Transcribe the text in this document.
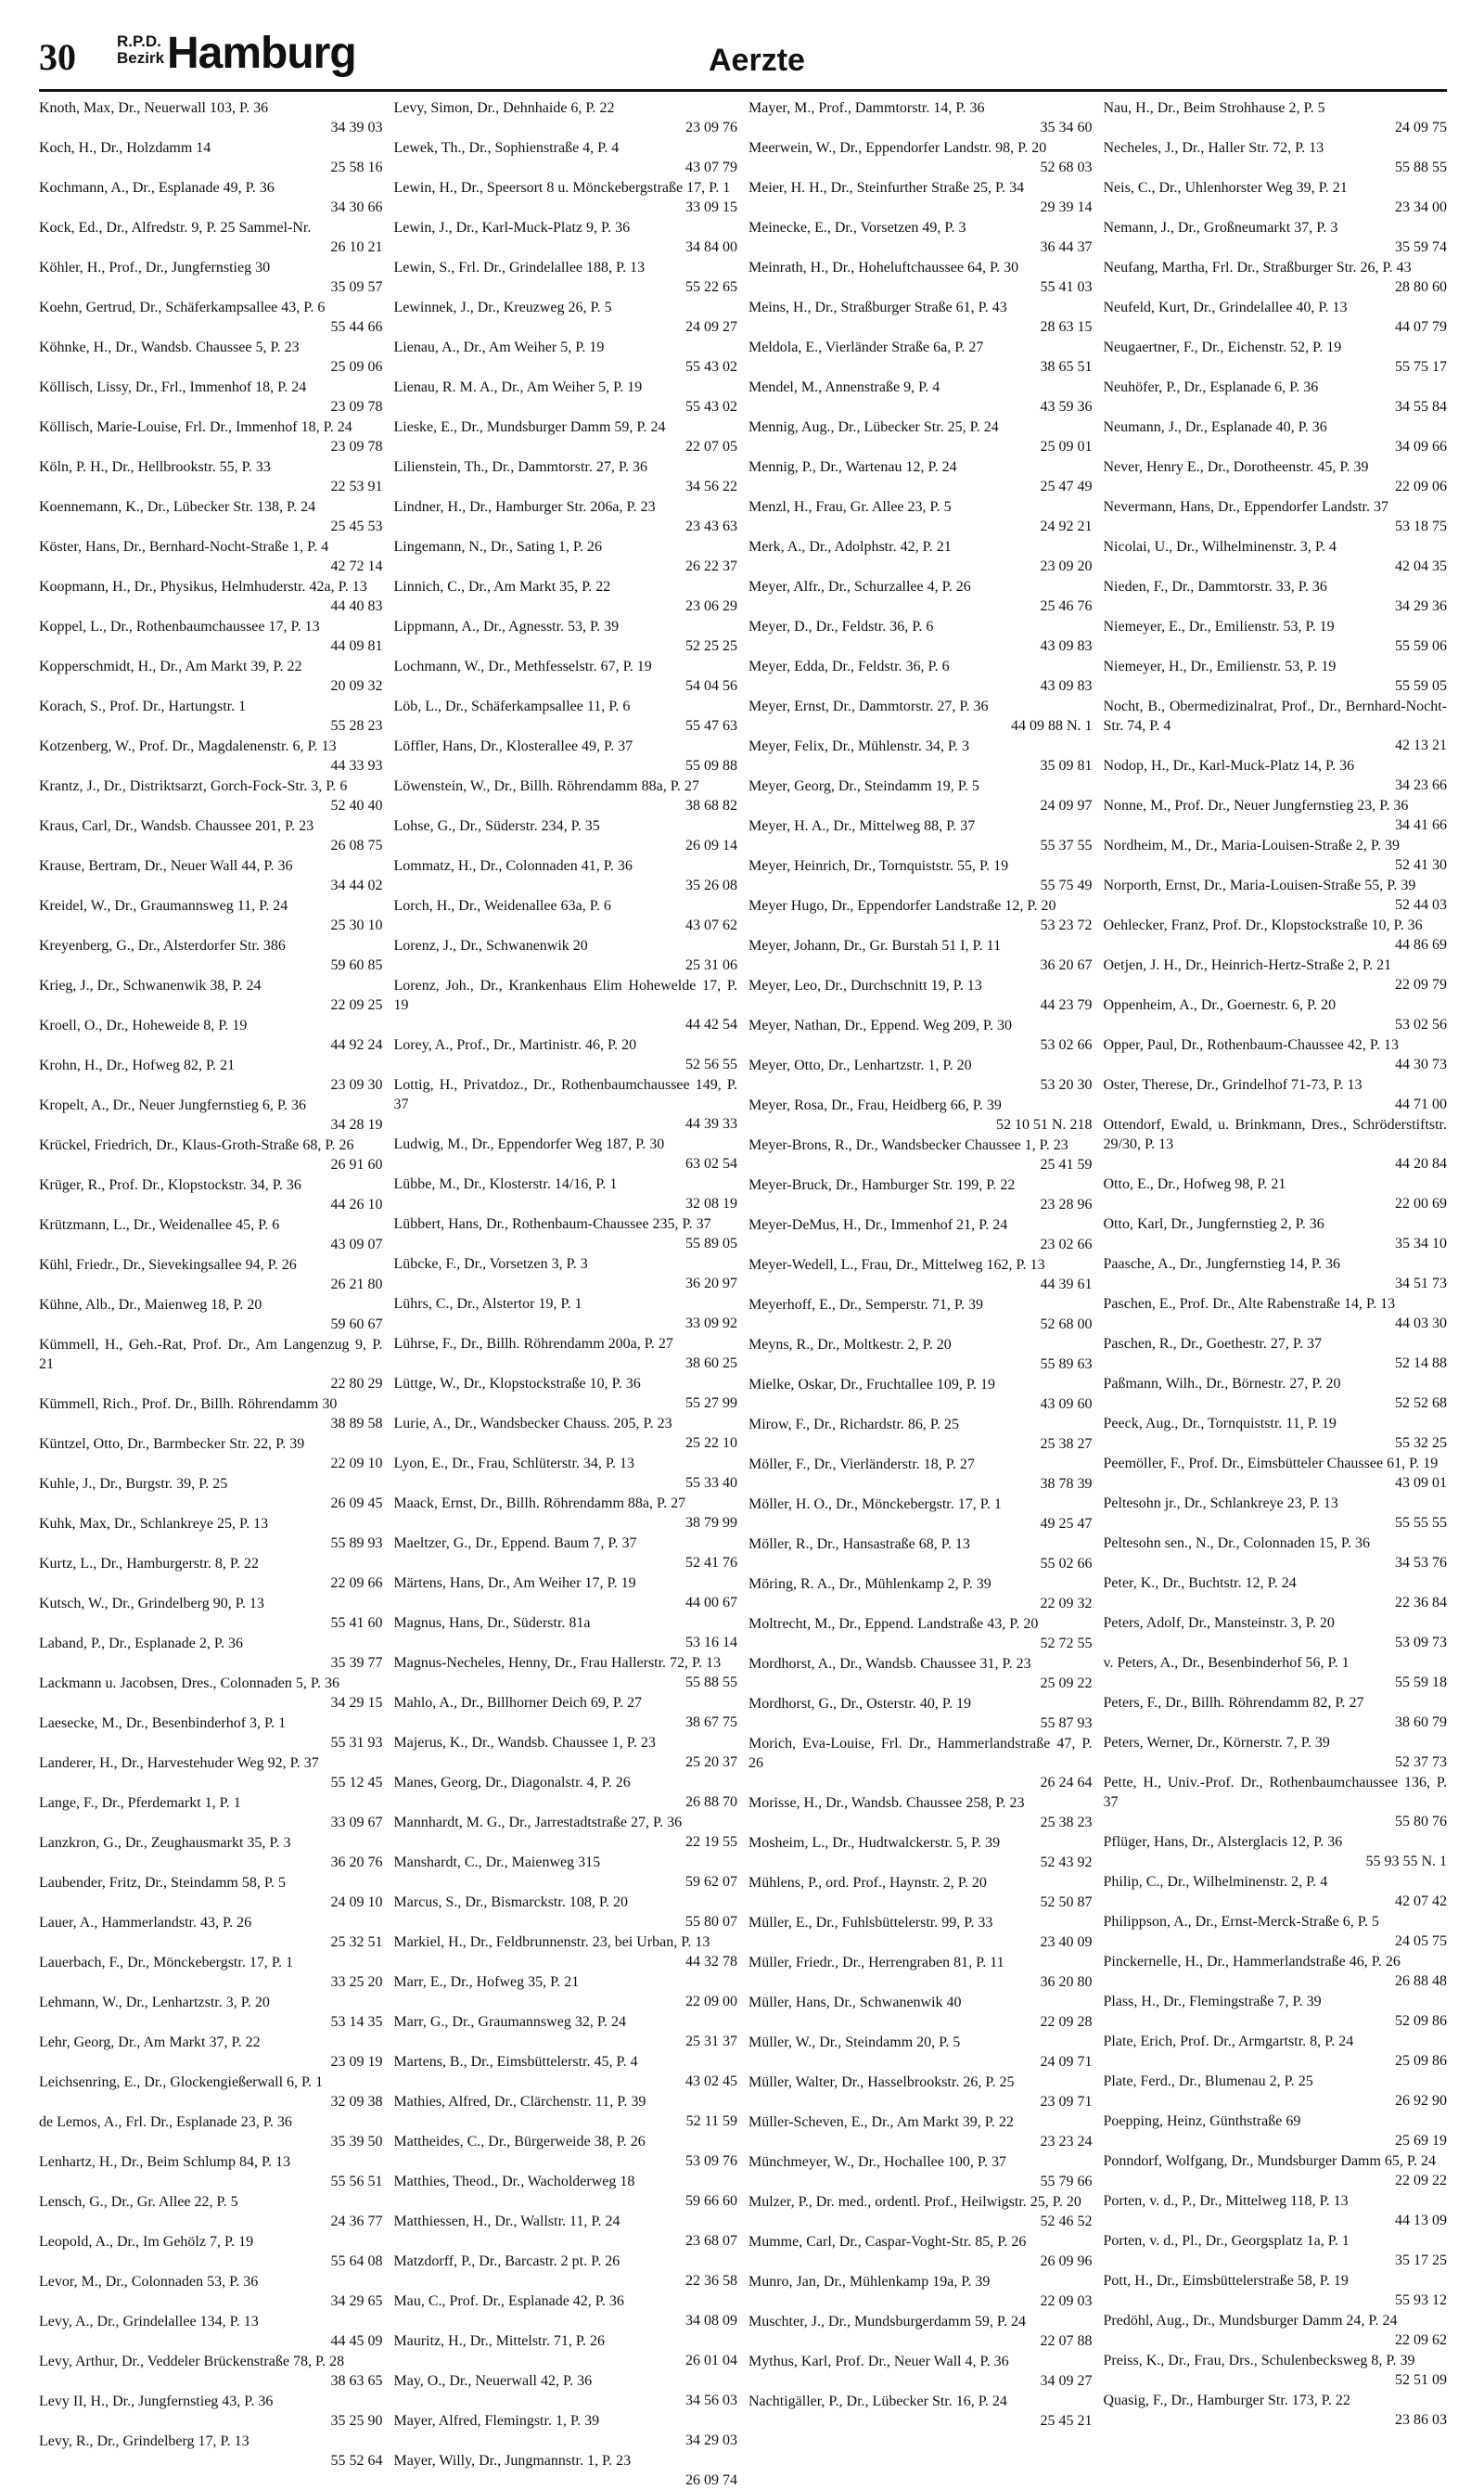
30	R.P.D.
Bezirk Hamburg	Aerzte
Knoth, Max, Dr., Neuerwall 103, P. 36
34 39 03
Koch, H., Dr., Holzdamm 14
25 58 16
Kochmann, A., Dr., Esplanade 49, P. 36
34 30 66
Kock, Ed., Dr., Alfredstr. 9, P. 25 Sammel-Nr.
26 10 21
Köhler, H., Prof., Dr., Jungfernstieg 30
35 09 57
Koehn, Gertrud, Dr., Schäferkampsallee 43, P. 6
55 44 66
Köhnke, H., Dr., Wandsb. Chaussee 5, P. 23
25 09 06
Köllisch, Lissy, Dr., Frl., Immenhof 18, P. 24
23 09 78
Köllisch, Marie-Louise, Frl. Dr., Immenhof 18, P. 24
23 09 78
Köln, P. H., Dr., Hellbrookstr. 55, P. 33
22 53 91
Koennemann, K., Dr., Lübecker Str. 138, P. 24
25 45 53
Köster, Hans, Dr., Bernhard-Nocht-Straße 1, P. 4
42 72 14
Koopmann, H., Dr., Physikus, Helmhuderstr. 42a, P. 13
44 40 83
Koppel, L., Dr., Rothenbaumchaussee 17, P. 13
44 09 81
Kopperschmidt, H., Dr., Am Markt 39, P. 22
20 09 32
Korach, S., Prof. Dr., Hartungstr. 1
55 28 23
Kotzenberg, W., Prof. Dr., Magdalenenstr. 6, P. 13
44 33 93
Krantz, J., Dr., Distriktsarzt, Gorch-Fock-Str. 3, P. 6
52 40 40
Kraus, Carl, Dr., Wandsb. Chaussee 201, P. 23
26 08 75
Krause, Bertram, Dr., Neuer Wall 44, P. 36
34 44 02
Kreidel, W., Dr., Graumannsweg 11, P. 24
25 30 10
Kreyenberg, G., Dr., Alsterdorfer Str. 386
59 60 85
Krieg, J., Dr., Schwanenwik 38, P. 24
22 09 25
Kroell, O., Dr., Hoheweide 8, P. 19
44 92 24
Krohn, H., Dr., Hofweg 82, P. 21
23 09 30
Kropelt, A., Dr., Neuer Jungfernstieg 6, P. 36
34 28 19
Krückel, Friedrich, Dr., Klaus-Groth-Straße 68, P. 26
26 91 60
Krüger, R., Prof. Dr., Klopstockstr. 34, P. 36
44 26 10
Krützmann, L., Dr., Weidenallee 45, P. 6
43 09 07
Kühl, Friedr., Dr., Sievekingsallee 94, P. 26
26 21 80
Kühne, Alb., Dr., Maienweg 18, P. 20
59 60 67
Kümmell, H., Geh.-Rat, Prof. Dr., Am Langenzug 9, P. 21
22 80 29
Kümmell, Rich., Prof. Dr., Billh. Röhrendamm 30
38 89 58
Küntzel, Otto, Dr., Barmbecker Str. 22, P. 39
22 09 10
Kuhle, J., Dr., Burgstr. 39, P. 25
26 09 45
Kuhk, Max, Dr., Schlankreye 25, P. 13
55 89 93
Kurtz, L., Dr., Hamburgerstr. 8, P. 22
22 09 66
Kutsch, W., Dr., Grindelberg 90, P. 13
55 41 60
Laband, P., Dr., Esplanade 2, P. 36
35 39 77
Lackmann u. Jacobsen, Dres., Colonnaden 5, P. 36
34 29 15
Laesecke, M., Dr., Besenbinderhof 3, P. 1
55 31 93
Landerer, H., Dr., Harvestehuder Weg 92, P. 37
55 12 45
Lange, F., Dr., Pferdemarkt 1, P. 1
33 09 67
Lanzkron, G., Dr., Zeughausmarkt 35, P. 3
36 20 76
Laubender, Fritz, Dr., Steindamm 58, P. 5
24 09 10
Lauer, A., Hammerlandstr. 43, P. 26
25 32 51
Lauerbach, F., Dr., Mönckebergstr. 17, P. 1
33 25 20
Lehmann, W., Dr., Lenhartzstr. 3, P. 20
53 14 35
Lehr, Georg, Dr., Am Markt 37, P. 22
23 09 19
Leichsenring, E., Dr., Glockengießerwall 6, P. 1
32 09 38
de Lemos, A., Frl. Dr., Esplanade 23, P. 36
35 39 50
Lenhartz, H., Dr., Beim Schlump 84, P. 13
55 56 51
Lensch, G., Dr., Gr. Allee 22, P. 5
24 36 77
Leopold, A., Dr., Im Gehölz 7, P. 19
55 64 08
Levor, M., Dr., Colonnaden 53, P. 36
34 29 65
Levy, A., Dr., Grindelallee 134, P. 13
44 45 09
Levy, Arthur, Dr., Veddeler Brückenstraße 78, P. 28
38 63 65
Levy II, H., Dr., Jungfernstieg 43, P. 36
35 25 90
Levy, R., Dr., Grindelberg 17, P. 13
55 52 64
Levy, Simon, Dr., Dehnhaide 6, P. 22
23 09 76
Lewek, Th., Dr., Sophienstraße 4, P. 4
43 07 79
Lewin, H., Dr., Speersort 8 u. Mönckebergstraße 17, P. 1
33 09 15
Lewin, J., Dr., Karl-Muck-Platz 9, P. 36
34 84 00
Lewin, S., Frl. Dr., Grindelallee 188, P. 13
55 22 65
Lewinnek, J., Dr., Kreuzweg 26, P. 5
24 09 27
Lienau, A., Dr., Am Weiher 5, P. 19
55 43 02
Lienau, R. M. A., Dr., Am Weiher 5, P. 19
55 43 02
Lieske, E., Dr., Mundsburger Damm 59, P. 24
22 07 05
Lilienstein, Th., Dr., Dammtorstr. 27, P. 36
34 56 22
Lindner, H., Dr., Hamburger Str. 206a, P. 23
23 43 63
Lingemann, N., Dr., Sating 1, P. 26
26 22 37
Linnich, C., Dr., Am Markt 35, P. 22
23 06 29
Lippmann, A., Dr., Agnesstr. 53, P. 39
52 25 25
Lochmann, W., Dr., Methfesselstr. 67, P. 19
54 04 56
Löb, L., Dr., Schäferkampsallee 11, P. 6
55 47 63
Löffler, Hans, Dr., Klosterallee 49, P. 37
55 09 88
Löwenstein, W., Dr., Billh. Röhrendamm 88a, P. 27
38 68 82
Lohse, G., Dr., Süderstr. 234, P. 35
26 09 14
Lommatz, H., Dr., Colonnaden 41, P. 36
35 26 08
Lorch, H., Dr., Weidenallee 63a, P. 6
43 07 62
Lorenz, J., Dr., Schwanenwik 20
25 31 06
Lorenz, Joh., Dr., Krankenhaus Elim Hohewelde 17, P. 19
44 42 54
Lorey, A., Prof., Dr., Martinistr. 46, P. 20
52 56 55
Lottig, H., Privatdoz., Dr., Rothenbaumchaussee 149, P. 37
44 39 33
Ludwig, M., Dr., Eppendorfer Weg 187, P. 30
63 02 54
Lübbe, M., Dr., Klosterstr. 14/16, P. 1
32 08 19
Lübbert, Hans, Dr., Rothenbaum-Chaussee 235, P. 37
55 89 05
Lübcke, F., Dr., Vorsetzen 3, P. 3
36 20 97
Lührs, C., Dr., Alstertor 19, P. 1
33 09 92
Lührse, F., Dr., Billh. Röhrendamm 200a, P. 27
38 60 25
Lüttge, W., Dr., Klopstockstraße 10, P. 36
55 27 99
Lurie, A., Dr., Wandsbecker Chauss. 205, P. 23
25 22 10
Lyon, E., Dr., Frau, Schlüterstr. 34, P. 13
55 33 40
Maack, Ernst, Dr., Billh. Röhrendamm 88a, P. 27
38 79 99
Maeltzer, G., Dr., Eppend. Baum 7, P. 37
52 41 76
Märtens, Hans, Dr., Am Weiher 17, P. 19
44 00 67
Magnus, Hans, Dr., Süderstr. 81a
53 16 14
Magnus-Necheles, Henny, Dr., Frau Hallerstr. 72, P. 13
55 88 55
Mahlo, A., Dr., Billhorner Deich 69, P. 27
38 67 75
Majerus, K., Dr., Wandsb. Chaussee 1, P. 23
25 20 37
Manes, Georg, Dr., Diagonalstr. 4, P. 26
26 88 70
Mannhardt, M. G., Dr., Jarrestadtstraße 27, P. 36
22 19 55
Manshardt, C., Dr., Maienweg 315
59 62 07
Marcus, S., Dr., Bismarckstr. 108, P. 20
55 80 07
Markiel, H., Dr., Feldbrunnenstr. 23, bei Urban, P. 13
44 32 78
Marr, E., Dr., Hofweg 35, P. 21
22 09 00
Marr, G., Dr., Graumannsweg 32, P. 24
25 31 37
Martens, B., Dr., Eimsbüttelerstr. 45, P. 4
43 02 45
Mathies, Alfred, Dr., Clärchenstr. 11, P. 39
52 11 59
Mattheides, C., Dr., Bürgerweide 38, P. 26
53 09 76
Matthies, Theod., Dr., Wacholderweg 18
59 66 60
Matthiessen, H., Dr., Wallstr. 11, P. 24
23 68 07
Matzdorff, P., Dr., Barcastr. 2 pt. P. 26
22 36 58
Mau, C., Prof. Dr., Esplanade 42, P. 36
34 08 09
Mauritz, H., Dr., Mittelstr. 71, P. 26
26 01 04
May, O., Dr., Neuerwall 42, P. 36
34 56 03
Mayer, Alfred, Flemingstr. 1, P. 39
34 29 03
Mayer, Willy, Dr., Jungmannstr. 1, P. 23
26 09 74
Mayer, M., Prof., Dammtorstr. 14, P. 36
35 34 60
Meerwein, W., Dr., Eppendorfer Landstr. 98, P. 20
52 68 03
Meier, H. H., Dr., Steinfurther Straße 25, P. 34
29 39 14
Meinecke, E., Dr., Vorsetzen 49, P. 3
36 44 37
Meinrath, H., Dr., Hoheluftchaussee 64, P. 30
55 41 03
Meins, H., Dr., Straßburger Straße 61, P. 43
28 63 15
Meldola, E., Vierländer Straße 6a, P. 27
38 65 51
Mendel, M., Annenstraße 9, P. 4
43 59 36
Mennig, Aug., Dr., Lübecker Str. 25, P. 24
25 09 01
Mennig, P., Dr., Wartenau 12, P. 24
25 47 49
Menzl, H., Frau, Gr. Allee 23, P. 5
24 92 21
Merk, A., Dr., Adolphstr. 42, P. 21
23 09 20
Meyer, Alfr., Dr., Schurzallee 4, P. 26
25 46 76
Meyer, D., Dr., Feldstr. 36, P. 6
43 09 83
Meyer, Edda, Dr., Feldstr. 36, P. 6
43 09 83
Meyer, Ernst, Dr., Dammtorstr. 27, P. 36
44 09 88 N. 1
Meyer, Felix, Dr., Mühlenstr. 34, P. 3
35 09 81
Meyer, Georg, Dr., Steindamm 19, P. 5
24 09 97
Meyer, H. A., Dr., Mittelweg 88, P. 37
55 37 55
Meyer, Heinrich, Dr., Tornquiststr. 55, P. 19
55 75 49
Meyer Hugo, Dr., Eppendorfer Landstraße 12, P. 20
53 23 72
Meyer, Johann, Dr., Gr. Burstah 51 I, P. 11
36 20 67
Meyer, Leo, Dr., Durchschnitt 19, P. 13
44 23 79
Meyer, Nathan, Dr., Eppend. Weg 209, P. 30
53 02 66
Meyer, Otto, Dr., Lenhartzstr. 1, P. 20
53 20 30
Meyer, Rosa, Dr., Frau, Heidberg 66, P. 39
52 10 51 N. 218
Meyer-Brons, R., Dr., Wandsbecker Chaussee 1, P. 23
25 41 59
Meyer-Bruck, Dr., Hamburger Str. 199, P. 22
23 28 96
Meyer-DeMus, H., Dr., Immenhof 21, P. 24
23 02 66
Meyer-Wedell, L., Frau, Dr., Mittelweg 162, P. 13
44 39 61
Meyerhoff, E., Dr., Semperstr. 71, P. 39
52 68 00
Meyns, R., Dr., Moltkestr. 2, P. 20
55 89 63
Mielke, Oskar, Dr., Fruchtallee 109, P. 19
43 09 60
Mirow, F., Dr., Richardstr. 86, P. 25
25 38 27
Möller, F., Dr., Vierländerstr. 18, P. 27
38 78 39
Möller, H. O., Dr., Mönckebergstr. 17, P. 1
49 25 47
Möller, R., Dr., Hansastraße 68, P. 13
55 02 66
Möring, R. A., Dr., Mühlenkamp 2, P. 39
22 09 32
Moltrecht, M., Dr., Eppend. Landstraße 43, P. 20
52 72 55
Mordhorst, A., Dr., Wandsb. Chaussee 31, P. 23
25 09 22
Mordhorst, G., Dr., Osterstr. 40, P. 19
55 87 93
Morich, Eva-Louise, Frl. Dr., Hammerlandstraße 47, P. 26
26 24 64
Morisse, H., Dr., Wandsb. Chaussee 258, P. 23
25 38 23
Mosheim, L., Dr., Hudtwalckerstr. 5, P. 39
52 43 92
Mühlens, P., ord. Prof., Haynstr. 2, P. 20
52 50 87
Müller, E., Dr., Fuhlsbüttelerstr. 99, P. 33
23 40 09
Müller, Friedr., Dr., Herrengraben 81, P. 11
36 20 80
Müller, Hans, Dr., Schwanenwik 40
22 09 28
Müller, W., Dr., Steindamm 20, P. 5
24 09 71
Müller, Walter, Dr., Hasselbrookstr. 26, P. 25
23 09 71
Müller-Scheven, E., Dr., Am Markt 39, P. 22
23 23 24
Münchmeyer, W., Dr., Hochallee 100, P. 37
55 79 66
Mulzer, P., Dr. med., ordentl. Prof., Heilwigstr. 25, P. 20
52 46 52
Mumme, Carl, Dr., Caspar-Voght-Str. 85, P. 26
26 09 96
Munro, Jan, Dr., Mühlenkamp 19a, P. 39
22 09 03
Muschter, J., Dr., Mundsburgerdamm 59, P. 24
22 07 88
Mythus, Karl, Prof. Dr., Neuer Wall 4, P. 36
34 09 27
Nachtigäller, P., Dr., Lübecker Str. 16, P. 24
25 45 21
Nau, H., Dr., Beim Strohhause 2, P. 5
24 09 75
Necheles, J., Dr., Haller Str. 72, P. 13
55 88 55
Neis, C., Dr., Uhlenhorster Weg 39, P. 21
23 34 00
Nemann, J., Dr., Großneumarkt 37, P. 3
35 59 74
Neufang, Martha, Frl. Dr., Straßburger Str. 26, P. 43
28 80 60
Neufeld, Kurt, Dr., Grindelallee 40, P. 13
44 07 79
Neugaertner, F., Dr., Eichenstr. 52, P. 19
55 75 17
Neuhöfer, P., Dr., Esplanade 6, P. 36
34 55 84
Neumann, J., Dr., Esplanade 40, P. 36
34 09 66
Never, Henry E., Dr., Dorotheenstr. 45, P. 39
22 09 06
Nevermann, Hans, Dr., Eppendorfer Landstr. 37
53 18 75
Nicolai, U., Dr., Wilhelminenstr. 3, P. 4
42 04 35
Nieden, F., Dr., Dammtorstr. 33, P. 36
34 29 36
Niemeyer, E., Dr., Emilienstr. 53, P. 19
55 59 06
Niemeyer, H., Dr., Emilienstr. 53, P. 19
55 59 05
Nocht, B., Obermedizinalrat, Prof., Dr., Bernhard-Nocht-Str. 74, P. 4
42 13 21
Nodop, H., Dr., Karl-Muck-Platz 14, P. 36
34 23 66
Nonne, M., Prof. Dr., Neuer Jungfernstieg 23, P. 36
34 41 66
Nordheim, M., Dr., Maria-Louisen-Straße 2, P. 39
52 41 30
Norporth, Ernst, Dr., Maria-Louisen-Straße 55, P. 39
52 44 03
Oehlecker, Franz, Prof. Dr., Klopstockstraße 10, P. 36
44 86 69
Oetjen, J. H., Dr., Heinrich-Hertz-Straße 2, P. 21
22 09 79
Oppenheim, A., Dr., Goernestr. 6, P. 20
53 02 56
Opper, Paul, Dr., Rothenbaum-Chaussee 42, P. 13
44 30 73
Oster, Therese, Dr., Grindelhof 71-73, P. 13
44 71 00
Ottendorf, Ewald, u. Brinkmann, Dres., Schröderstiftstr. 29/30, P. 13
44 20 84
Otto, E., Dr., Hofweg 98, P. 21
22 00 69
Otto, Karl, Dr., Jungfernstieg 2, P. 36
35 34 10
Paasche, A., Dr., Jungfernstieg 14, P. 36
34 51 73
Paschen, E., Prof. Dr., Alte Rabenstraße 14, P. 13
44 03 30
Paschen, R., Dr., Goethestr. 27, P. 37
52 14 88
Paßmann, Wilh., Dr., Börnestr. 27, P. 20
52 52 68
Peeck, Aug., Dr., Tornquiststr. 11, P. 19
55 32 25
Peemöller, F., Prof. Dr., Eimsbütteler Chaussee 61, P. 19
43 09 01
Peltesohn jr., Dr., Schlankreye 23, P. 13
55 55 55
Peltesohn sen., N., Dr., Colonnaden 15, P. 36
34 53 76
Peter, K., Dr., Buchtstr. 12, P. 24
22 36 84
Peters, Adolf, Dr., Mansteinstr. 3, P. 20
53 09 73
v. Peters, A., Dr., Besenbinderhof 56, P. 1
55 59 18
Peters, F., Dr., Billh. Röhrendamm 82, P. 27
38 60 79
Peters, Werner, Dr., Körnerstr. 7, P. 39
52 37 73
Pette, H., Univ.-Prof. Dr., Rothenbaumchaussee 136, P. 37
55 80 76
Pflüger, Hans, Dr., Alsterglacis 12, P. 36
55 93 55 N. 1
Philip, C., Dr., Wilhelminenstr. 2, P. 4
42 07 42
Philippson, A., Dr., Ernst-Merck-Straße 6, P. 5
24 05 75
Pinckernelle, H., Dr., Hammerlandstraße 46, P. 26
26 88 48
Plass, H., Dr., Flemingstraße 7, P. 39
52 09 86
Plate, Erich, Prof. Dr., Armgartstr. 8, P. 24
25 09 86
Plate, Ferd., Dr., Blumenau 2, P. 25
26 92 90
Poepping, Heinz, Günthstraße 69
25 69 19
Ponndorf, Wolfgang, Dr., Mundsburger Damm 65, P. 24
22 09 22
Porten, v. d., P., Dr., Mittelweg 118, P. 13
44 13 09
Porten, v. d., Pl., Dr., Georgsplatz 1a, P. 1
35 17 25
Pott, H., Dr., Eimsbüttelerstraße 58, P. 19
55 93 12
Predöhl, Aug., Dr., Mundsburger Damm 24, P. 24
22 09 62
Preiss, K., Dr., Frau, Drs., Schulenbecksweg 8, P. 39
52 51 09
Quasig, F., Dr., Hamburger Str. 173, P. 22
23 86 03
